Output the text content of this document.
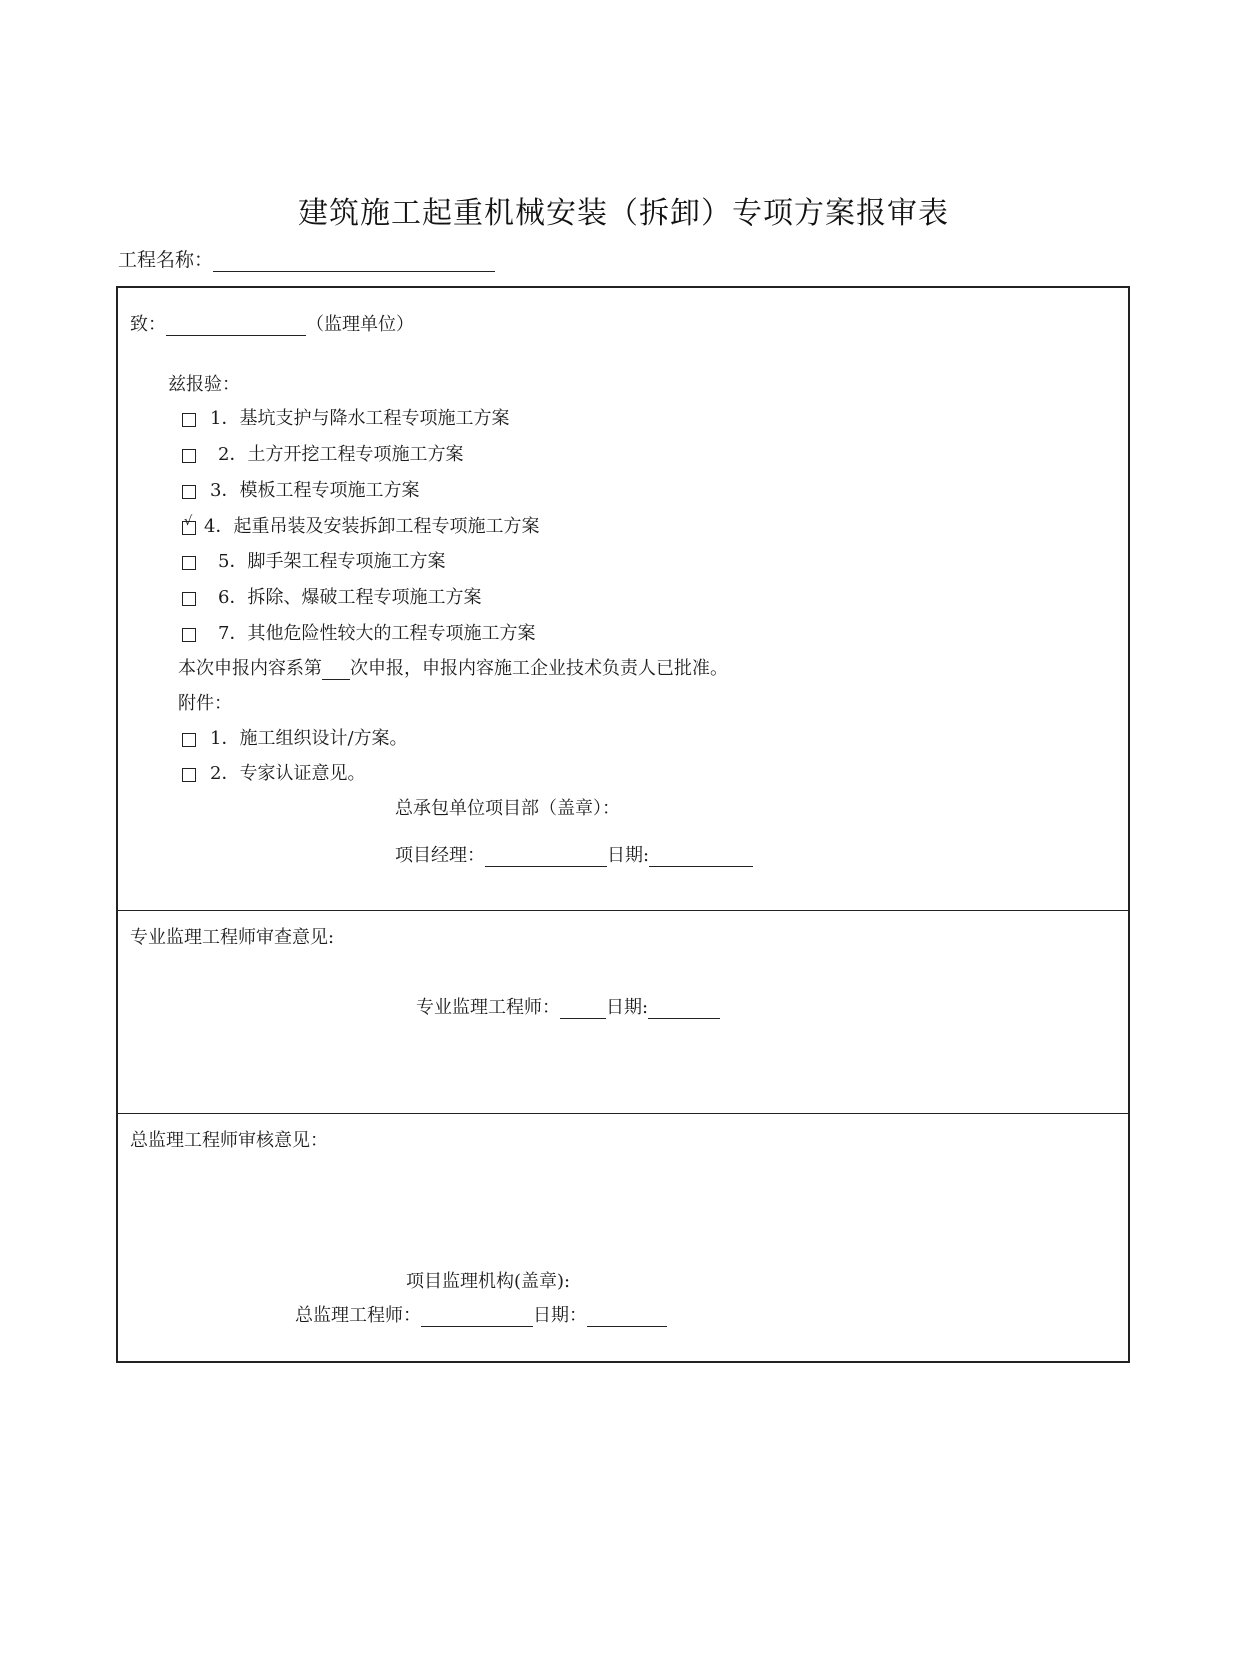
建筑施工起重机械安装（拆卸）专项方案报审表
工程名称：
致：	（监理单位）
兹报验：
1． 基坑支护与降水工程专项施工方案
2． 土方开挖工程专项施工方案
3． 模板工程专项施工方案
√
4． 起重吊装及安装拆卸工程专项施工方案
5． 脚手架工程专项施工方案
6． 拆除、爆破工程专项施工方案
7． 其他危险性较大的工程专项施工方案
本次申报内容系第 次申报，申报内容施工企业技术负责人已批准。
附件：
1． 施工组织设计/方案。
2． 专家认证意见。
总承包单位项目部（盖章）：
项目经理：	日期:
专业监理工程师审查意见:
专业监理工程师：	日期:
总监理工程师审核意见：
项目监理机构(盖章):
总监理工程师：	日期：
